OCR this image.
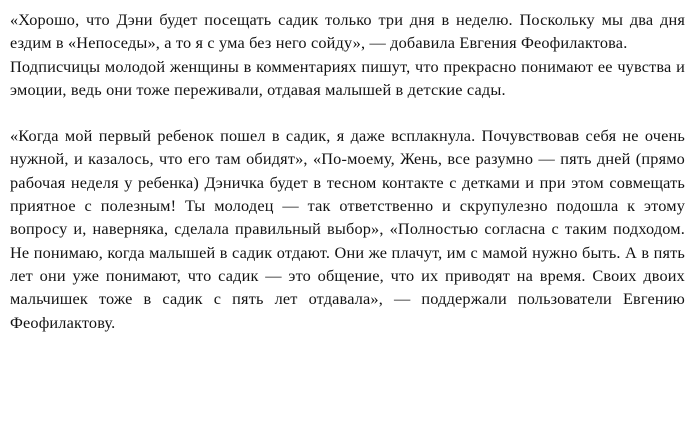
«Хорошо, что Дэни будет посещать садик только три дня в неделю. Поскольку мы два дня ездим в «Непоседы», а то я с ума без него сойду», — добавила Евгения Феофилактова.

Подписчицы молодой женщины в комментариях пишут, что прекрасно понимают ее чувства и эмоции, ведь они тоже переживали, отдавая малышей в детские сады.

«Когда мой первый ребенок пошел в садик, я даже всплакнула. Почувствовав себя не очень нужной, и казалось, что его там обидят», «По-моему, Жень, все разумно — пять дней (прямо рабочая неделя у ребенка) Дэничка будет в тесном контакте с детками и при этом совмещать приятное с полезным! Ты молодец — так ответственно и скрупулезно подошла к этому вопросу и, наверняка, сделала правильный выбор», «Полностью согласна с таким подходом. Не понимаю, когда малышей в садик отдают. Они же плачут, им с мамой нужно быть. А в пять лет они уже понимают, что садик — это общение, что их приводят на время. Своих двоих мальчишек тоже в садик с пять лет отдавала», — поддержали пользователи Евгению Феофилактову.
